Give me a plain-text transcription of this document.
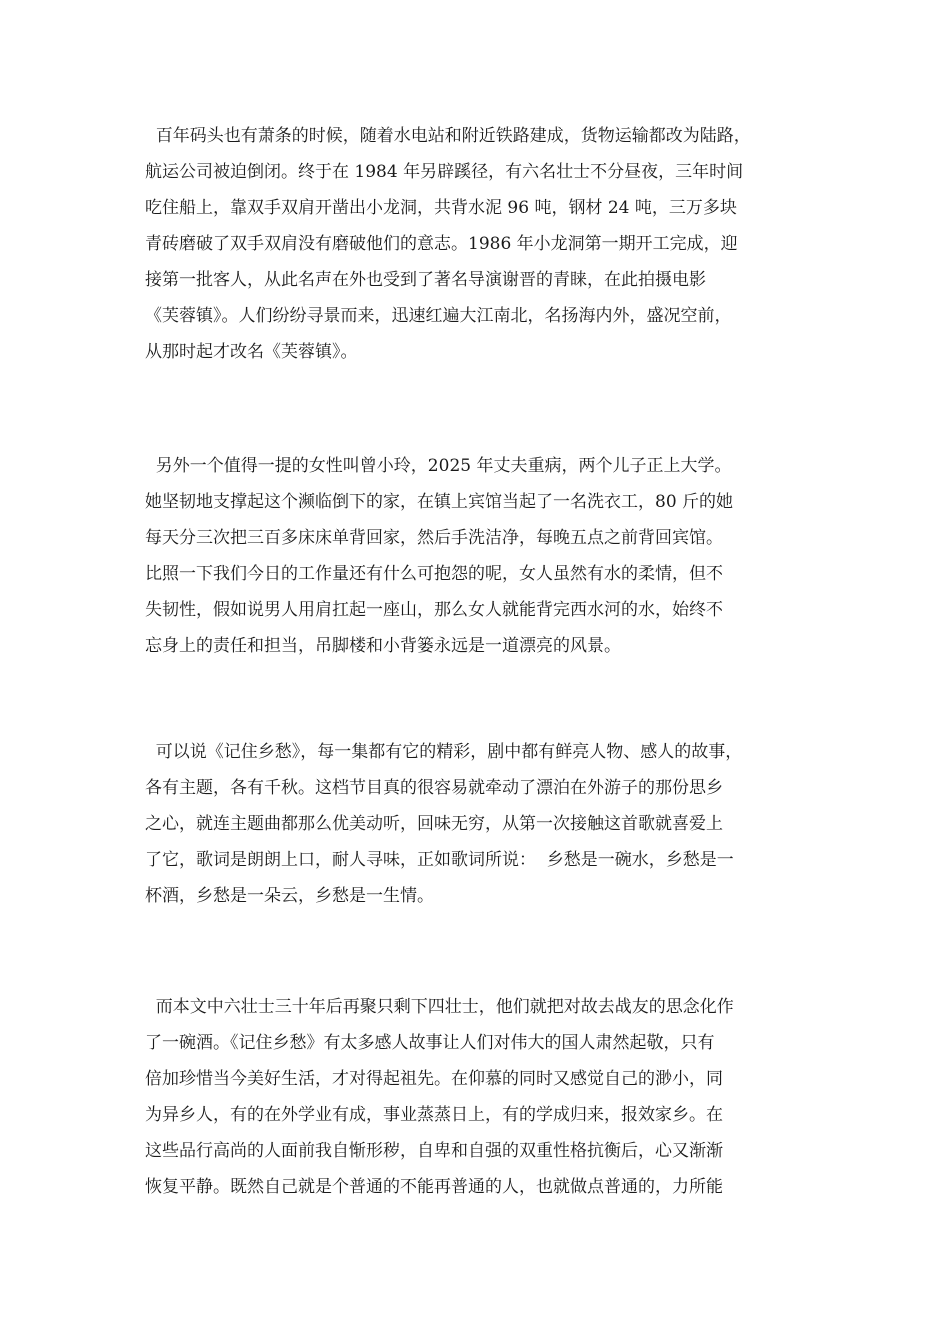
百年码头也有萧条的时候，随着水电站和附近铁路建成，货物运输都改为陆路，
航运公司被迫倒闭。终于在 1984 年另辟蹊径，有六名壮士不分昼夜，三年时间
吃住船上，靠双手双肩开凿出小龙洞，共背水泥 96 吨，钢材 24 吨，三万多块
青砖磨破了双手双肩没有磨破他们的意志。1986 年小龙洞第一期开工完成，迎
接第一批客人，从此名声在外也受到了著名导演谢晋的青睐，在此拍摄电影
《芙蓉镇》。人们纷纷寻景而来，迅速红遍大江南北，名扬海内外，盛况空前，
从那时起才改名《芙蓉镇》。
另外一个值得一提的女性叫曾小玲，2025 年丈夫重病，两个儿子正上大学。
她坚韧地支撑起这个濒临倒下的家，在镇上宾馆当起了一名洗衣工，80 斤的她
每天分三次把三百多床床单背回家，然后手洗洁净，每晚五点之前背回宾馆。
比照一下我们今日的工作量还有什么可抱怨的呢，女人虽然有水的柔情，但不
失韧性，假如说男人用肩扛起一座山，那么女人就能背完西水河的水，始终不
忘身上的责任和担当，吊脚楼和小背篓永远是一道漂亮的风景。
可以说《记住乡愁》，每一集都有它的精彩，剧中都有鲜亮人物、感人的故事，
各有主题，各有千秋。这档节目真的很容易就牵动了漂泊在外游子的那份思乡
之心，就连主题曲都那么优美动听，回味无穷，从第一次接触这首歌就喜爱上
了它，歌词是朗朗上口，耐人寻味，正如歌词所说：  乡愁是一碗水，乡愁是一
杯酒，乡愁是一朵云，乡愁是一生情。
而本文中六壮士三十年后再聚只剩下四壮士，他们就把对故去战友的思念化作
了一碗酒。《记住乡愁》有太多感人故事让人们对伟大的国人肃然起敬，只有
倍加珍惜当今美好生活，才对得起祖先。在仰慕的同时又感觉自己的渺小，同
为异乡人，有的在外学业有成，事业蒸蒸日上，有的学成归来，报效家乡。在
这些品行高尚的人面前我自惭形秽，自卑和自强的双重性格抗衡后，心又渐渐
恢复平静。既然自己就是个普通的不能再普通的人，也就做点普通的，力所能
